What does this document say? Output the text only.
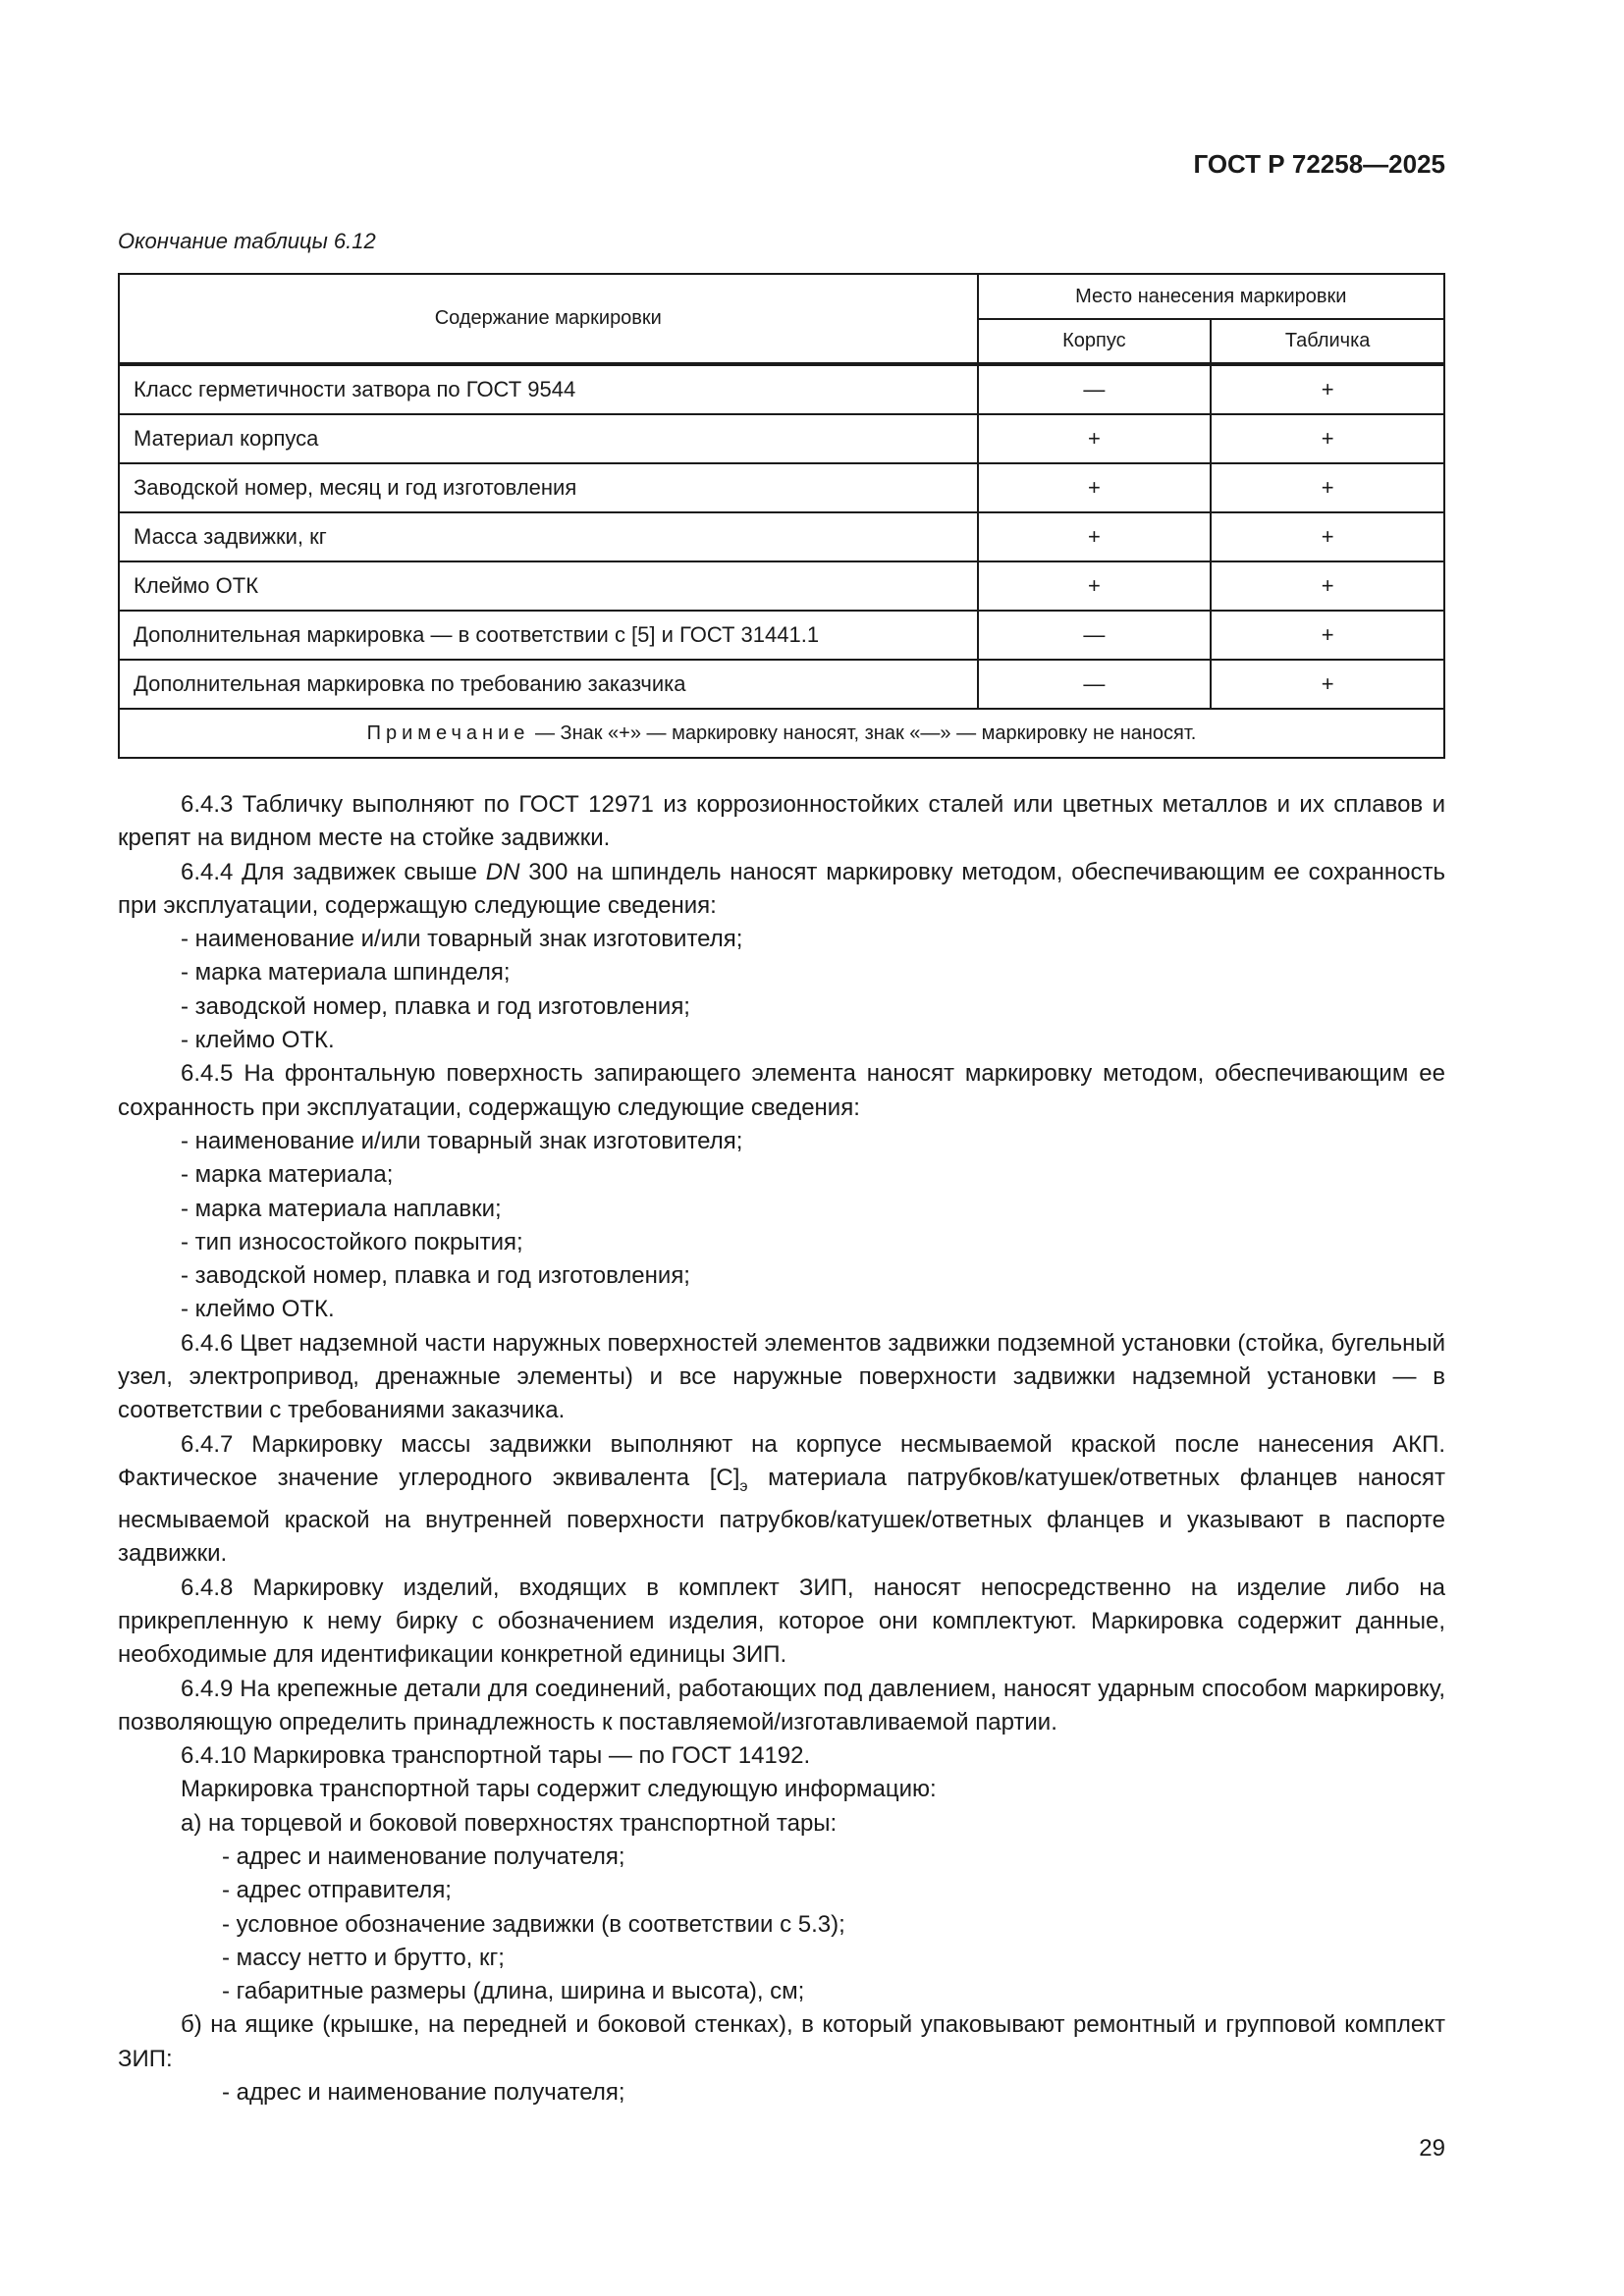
ГОСТ Р 72258—2025
Окончание таблицы 6.12
Содержание маркировки	Место нанесения маркировки	
	Корпус	Табличка
Класс герметичности затвора по ГОСТ 9544	—	+
Материал корпуса	+	+
Заводской номер, месяц и год изготовления	+	+
Масса задвижки, кг	+	+
Клеймо ОТК	+	+
Дополнительная маркировка — в соответствии с [5] и ГОСТ 31441.1	—	+
Дополнительная маркировка по требованию заказчика	—	+
Примечание — Знак «+» — маркировку наносят, знак «—» — маркировку не наносят.		

6.4.3 Табличку выполняют по ГОСТ 12971 из коррозионностойких сталей или цветных металлов и их сплавов и крепят на видном месте на стойке задвижки.

6.4.4 Для задвижек свыше DN 300 на шпиндель наносят маркировку методом, обеспечивающим ее сохранность при эксплуатации, содержащую следующие сведения:

- наименование и/или товарный знак изготовителя;

- марка материала шпинделя;

- заводской номер, плавка и год изготовления;

- клеймо ОТК.

6.4.5 На фронтальную поверхность запирающего элемента наносят маркировку методом, обеспечивающим ее сохранность при эксплуатации, содержащую следующие сведения:

- наименование и/или товарный знак изготовителя;

- марка материала;

- марка материала наплавки;

- тип износостойкого покрытия;

- заводской номер, плавка и год изготовления;

- клеймо ОТК.

6.4.6 Цвет надземной части наружных поверхностей элементов задвижки подземной установки (стойка, бугельный узел, электропривод, дренажные элементы) и все наружные поверхности задвижки надземной установки — в соответствии с требованиями заказчика.

6.4.7 Маркировку массы задвижки выполняют на корпусе несмываемой краской после нанесения АКП. Фактическое значение углеродного эквивалента $[C]_э$ материала патрубков/катушек/ответных фланцев наносят несмываемой краской на внутренней поверхности патрубков/катушек/ответных фланцев и указывают в паспорте задвижки.

6.4.8 Маркировку изделий, входящих в комплект ЗИП, наносят непосредственно на изделие либо на прикрепленную к нему бирку с обозначением изделия, которое они комплектуют. Маркировка содержит данные, необходимые для идентификации конкретной единицы ЗИП.

6.4.9 На крепежные детали для соединений, работающих под давлением, наносят ударным способом маркировку, позволяющую определить принадлежность к поставляемой/изготавливаемой партии.

6.4.10 Маркировка транспортной тары — по ГОСТ 14192.

Маркировка транспортной тары содержит следующую информацию:

а) на торцевой и боковой поверхностях транспортной тары:

- адрес и наименование получателя;

- адрес отправителя;

- условное обозначение задвижки (в соответствии с 5.3);

- массу нетто и брутто, кг;

- габаритные размеры (длина, ширина и высота), см;

б) на ящике (крышке, на передней и боковой стенках), в который упаковывают ремонтный и групповой комплект ЗИП:

- адрес и наименование получателя;

29
